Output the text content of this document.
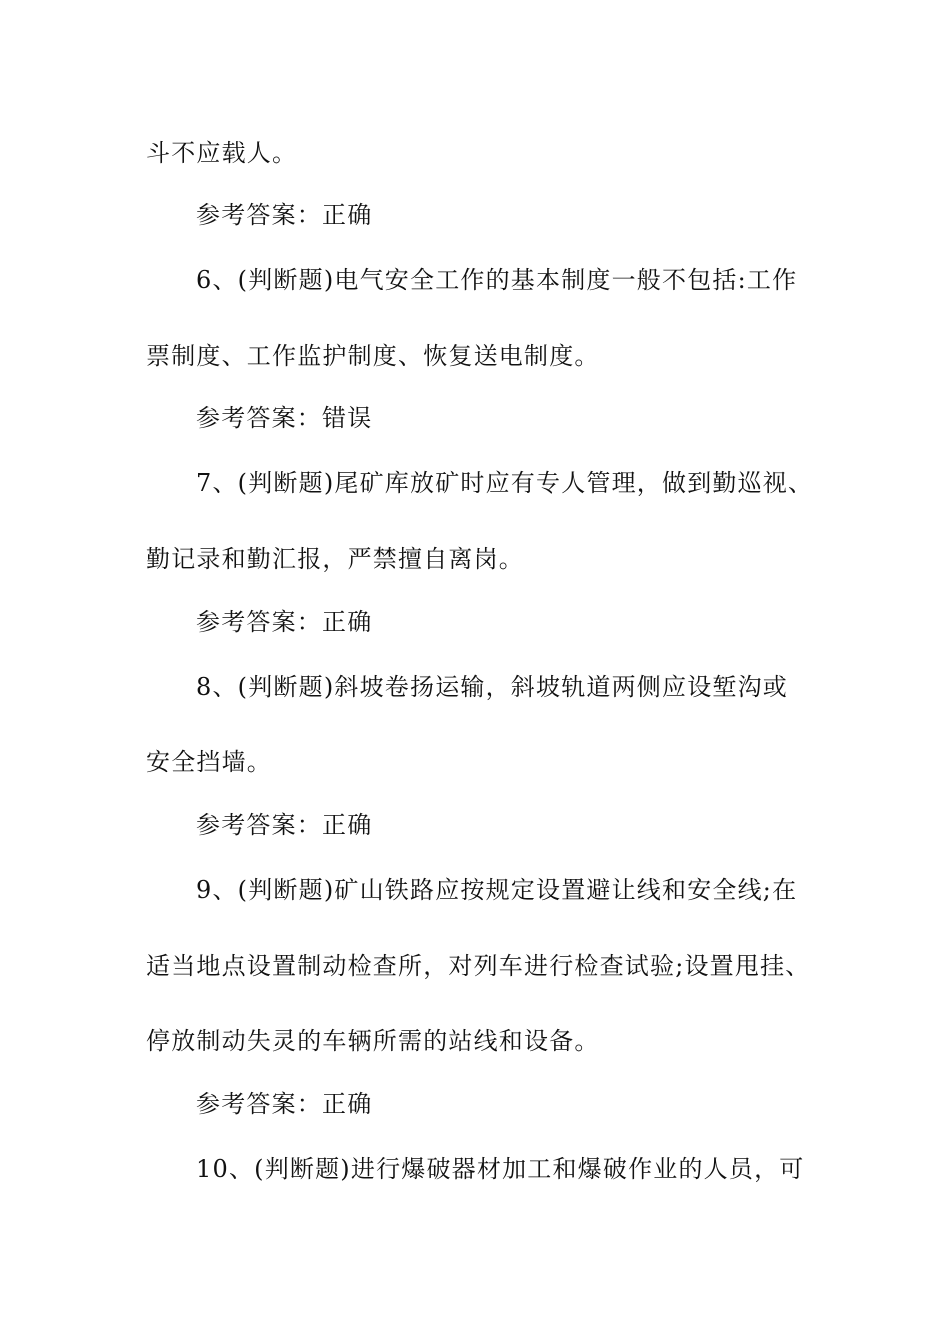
斗不应载人。
参考答案：正确
6、(判断题)电气安全工作的基本制度一般不包括:工作
票制度、工作监护制度、恢复送电制度。
参考答案：错误
7、(判断题)尾矿库放矿时应有专人管理，做到勤巡视、
勤记录和勤汇报，严禁擅自离岗。
参考答案：正确
8、(判断题)斜坡卷扬运输，斜坡轨道两侧应设堑沟或
安全挡墙。
参考答案：正确
9、(判断题)矿山铁路应按规定设置避让线和安全线;在
适当地点设置制动检查所，对列车进行检查试验;设置甩挂、
停放制动失灵的车辆所需的站线和设备。
参考答案：正确
10、(判断题)进行爆破器材加工和爆破作业的人员，可
